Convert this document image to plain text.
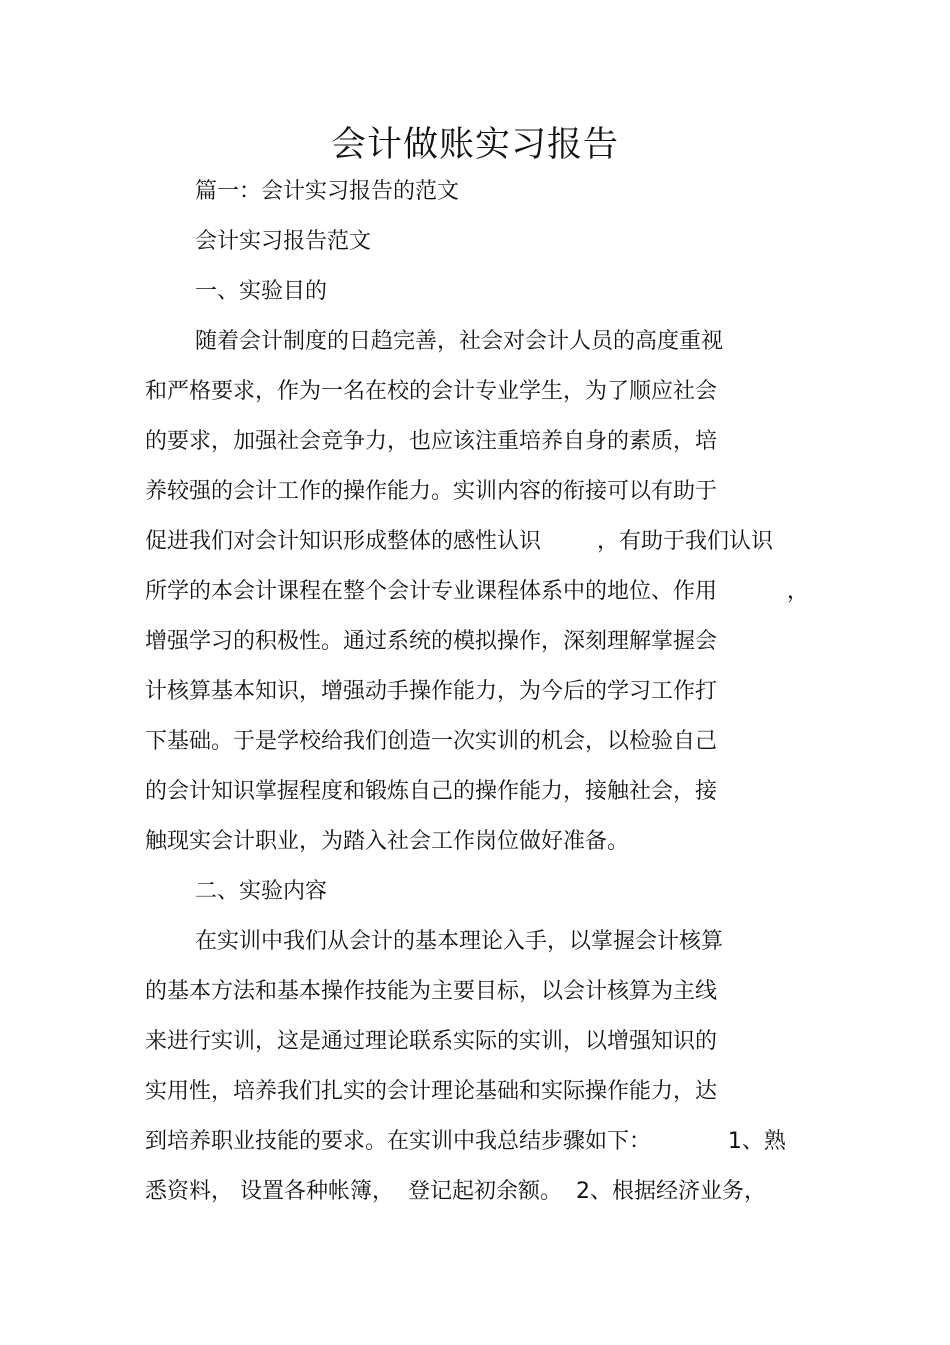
会计做账实习报告

篇一：会计实习报告的范文

会计实习报告范文

一、实验目的

随着会计制度的日趋完善，社会对会计人员的高度重视

和严格要求，作为一名在校的会计专业学生，为了顺应社会

的要求，加强社会竞争力，也应该注重培养自身的素质，培

养较强的会计工作的操作能力。实训内容的衔接可以有助于

促进我们对会计知识形成整体的感性认识        ，有助于我们认识

所学的本会计课程在整个会计专业课程体系中的地位、作用          ，

增强学习的积极性。通过系统的模拟操作，深刻理解掌握会

计核算基本知识，增强动手操作能力，为今后的学习工作打

下基础。于是学校给我们创造一次实训的机会，以检验自己

的会计知识掌握程度和锻炼自己的操作能力，接触社会，接

触现实会计职业，为踏入社会工作岗位做好准备。

二、实验内容

在实训中我们从会计的基本理论入手，以掌握会计核算

的基本方法和基本操作技能为主要目标，以会计核算为主线

来进行实训，这是通过理论联系实际的实训，以增强知识的

实用性，培养我们扎实的会计理论基础和实际操作能力，达

到培养职业技能的要求。在实训中我总结步骤如下：           1、熟

悉资料， 设置各种帐簿，  登记起初余额。  2、根据经济业务，
